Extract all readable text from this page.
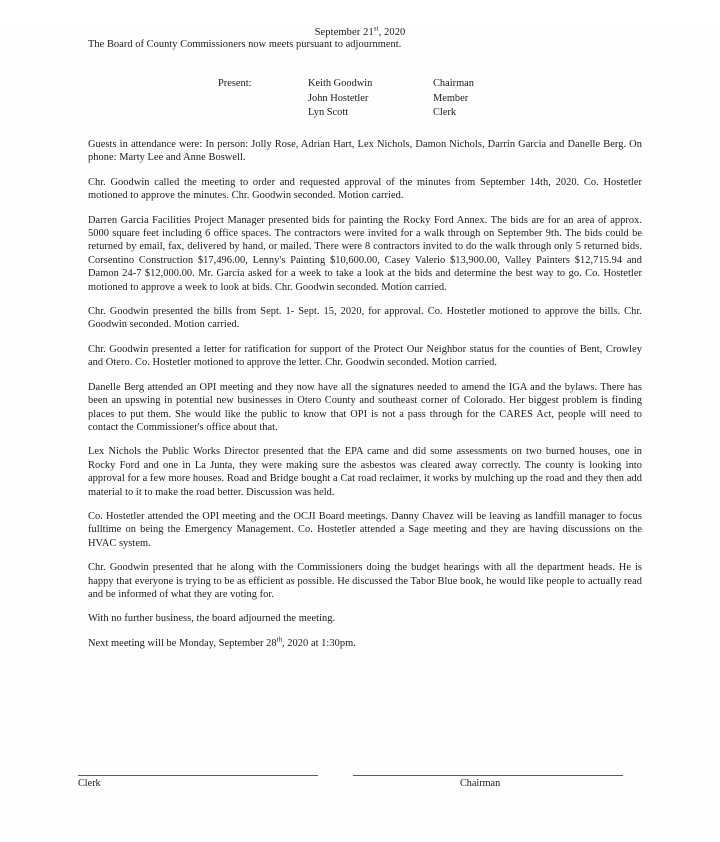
September 21st, 2020

The Board of County Commissioners now meets pursuant to adjournment.

Present:	Keith Goodwin	Chairman
John Hostetler	Member
Lyn Scott	Clerk

Guests in attendance were: In person: Jolly Rose, Adrian Hart, Lex Nichols, Damon Nichols, Darrin Garcia and Danelle Berg. On phone: Marty Lee and Anne Boswell.

Chr. Goodwin called the meeting to order and requested approval of the minutes from September 14th, 2020. Co. Hostetler motioned to approve the minutes. Chr. Goodwin seconded. Motion carried.

Darren Garcia Facilities Project Manager presented bids for painting the Rocky Ford Annex. The bids are for an area of approx. 5000 square feet including 6 office spaces. The contractors were invited for a walk through on September 9th. The bids could be returned by email, fax, delivered by hand, or mailed. There were 8 contractors invited to do the walk through only 5 returned bids. Corsentino Construction $17,496.00, Lenny's Painting $10,600.00, Casey Valerio $13,900.00, Valley Painters $12,715.94 and Damon 24-7 $12,000.00. Mr. Garcia asked for a week to take a look at the bids and determine the best way to go. Co. Hostetler motioned to approve a week to look at bids. Chr. Goodwin seconded. Motion carried.

Chr. Goodwin presented the bills from Sept. 1- Sept. 15, 2020, for approval. Co. Hostetler motioned to approve the bills. Chr. Goodwin seconded. Motion carried.

Chr. Goodwin presented a letter for ratification for support of the Protect Our Neighbor status for the counties of Bent, Crowley and Otero. Co. Hostetler motioned to approve the letter. Chr. Goodwin seconded. Motion carried.

Danelle Berg attended an OPI meeting and they now have all the signatures needed to amend the IGA and the bylaws. There has been an upswing in potential new businesses in Otero County and southeast corner of Colorado. Her biggest problem is finding places to put them. She would like the public to know that OPI is not a pass through for the CARES Act, people will need to contact the Commissioner's office about that.

Lex Nichols the Public Works Director presented that the EPA came and did some assessments on two burned houses, one in Rocky Ford and one in La Junta, they were making sure the asbestos was cleared away correctly. The county is looking into approval for a few more houses. Road and Bridge bought a Cat road reclaimer, it works by mulching up the road and they then add material to it to make the road better. Discussion was held.

Co. Hostetler attended the OPI meeting and the OCJI Board meetings. Danny Chavez will be leaving as landfill manager to focus fulltime on being the Emergency Management. Co. Hostetler attended a Sage meeting and they are having discussions on the HVAC system.

Chr. Goodwin presented that he along with the Commissioners doing the budget hearings with all the department heads. He is happy that everyone is trying to be as efficient as possible. He discussed the Tabor Blue book, he would like people to actually read and be informed of what they are voting for.

With no further business, the board adjourned the meeting.

Next meeting will be Monday, September 28th, 2020 at 1:30pm.

Clerk	Chairman
